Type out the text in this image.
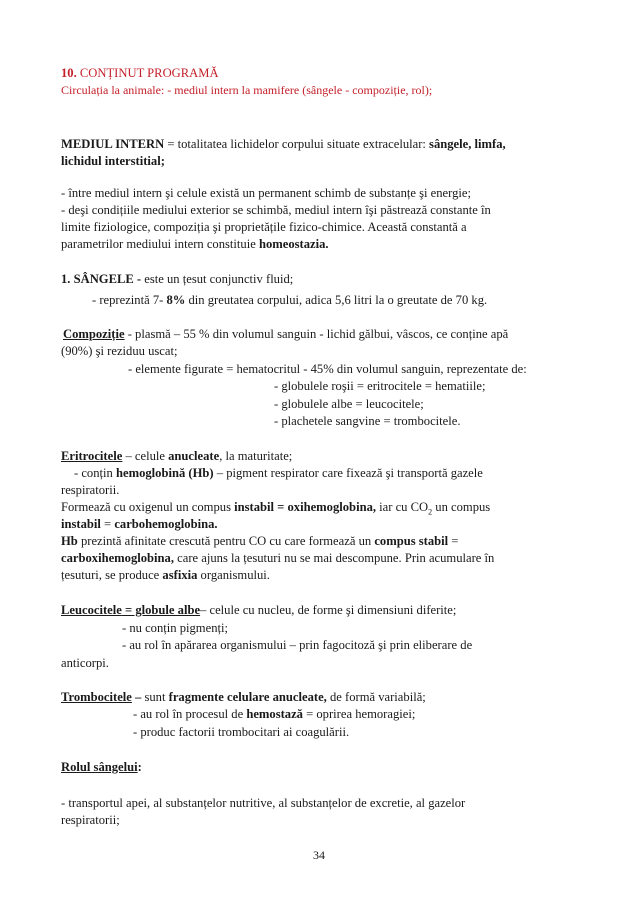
10. CONȚINUT PROGRAMĂ
Circulația la animale: - mediul intern la mamifere (sângele - compoziție, rol);
MEDIUL INTERN = totalitatea lichidelor corpului situate extracelular: sângele, limfa,
lichidul interstitial;
- între mediul intern şi celule există un permanent schimb de substanțe şi energie;
- deşi condițiile mediului exterior se schimbă, mediul intern îşi păstrează constante în
limite fiziologice, compoziția şi proprietățile fizico-chimice. Această constantă a
parametrilor mediului intern constituie homeostazia.
1. SÂNGELE - este un țesut conjunctiv fluid;
- reprezintă 7- 8% din greutatea corpului, adica 5,6 litri la o greutate de 70 kg.
Compoziție - plasmă – 55 % din volumul sanguin - lichid gălbui, vâscos, ce conține apă
(90%) şi reziduu uscat;
- elemente figurate = hematocritul - 45% din volumul sanguin, reprezentate de:
- globulele roşii = eritrocitele = hematiile;
- globulele albe = leucocitele;
- plachetele sangvine = trombocitele.
Eritrocitele – celule anucleate, la maturitate;
- conțin hemoglobină (Hb) – pigment respirator care fixează şi transportă gazele
respiratorii.
Formează cu oxigenul un compus instabil = oxihemoglobina, iar cu $CO_2$ un compus
instabil = carbohemoglobina.
Hb prezintă afinitate crescută pentru CO cu care formează un compus stabil =
carboxihemoglobina, care ajuns la țesuturi nu se mai descompune. Prin acumulare în
țesuturi, se produce asfixia organismului.
Leucocitele = globule albe– celule cu nucleu, de forme şi dimensiuni diferite;
- nu conțin pigmenți;
- au rol în apărarea organismului – prin fagocitoză şi prin eliberare de
anticorpi.
Trombocitele – sunt fragmente celulare anucleate, de formă variabilă;
- au rol în procesul de hemostază = oprirea hemoragiei;
- produc factorii trombocitari ai coagulării.
Rolul sângelui:
- transportul apei, al substanțelor nutritive, al substanțelor de excretie, al gazelor
respiratorii;
34
